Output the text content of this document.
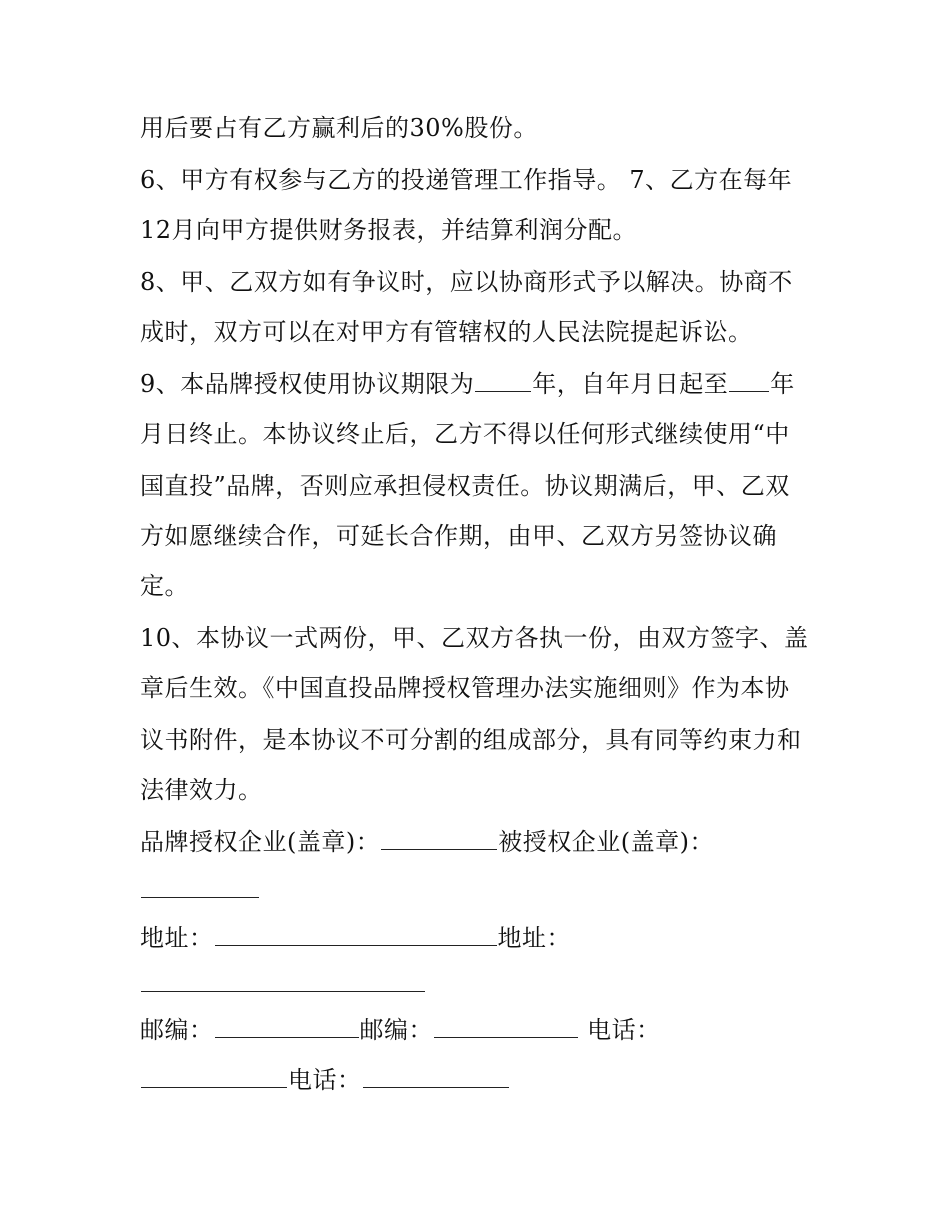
用后要占有乙方赢利后的30%股份。
6、甲方有权参与乙方的投递管理工作指导。 7、乙方在每年
12月向甲方提供财务报表，并结算利润分配。
8、甲、乙双方如有争议时，应以协商形式予以解决。协商不
成时，双方可以在对甲方有管辖权的人民法院提起诉讼。
9、本品牌授权使用协议期限为 年，自年月日起至 年
月日终止。本协议终止后，乙方不得以任何形式继续使用“中
国直投”品牌，否则应承担侵权责任。协议期满后，甲、乙双
方如愿继续合作，可延长合作期，由甲、乙双方另签协议确
定。
10、本协议一式两份，甲、乙双方各执一份，由双方签字、盖
章后生效。《中国直投品牌授权管理办法实施细则》作为本协
议书附件，是本协议不可分割的组成部分，具有同等约束力和
法律效力。
品牌授权企业(盖章)：	被授权企业(盖章)：
地址：	地址：
邮编：	邮编：	电话：
电话：
